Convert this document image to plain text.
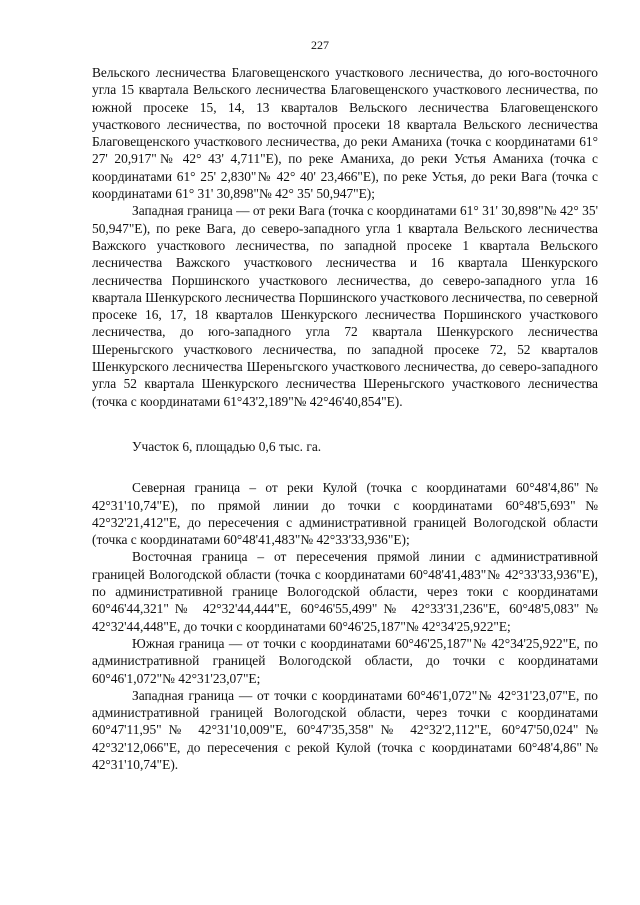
227

Вельского лесничества Благовещенского участкового лесничества, до юго-восточного угла 15 квартала Вельского лесничества Благовещенского участкового лесничества, по южной просеке 15, 14, 13 кварталов Вельского лесничества Благовещенского участкового лесничества, по восточной просеки 18 квартала Вельского лесничества Благовещенского участкового лесничества, до реки Аманиха (точка с координатами 61° 27' 20,917"№ 42° 43' 4,711"E), по реке Аманиха, до реки Устья Аманиха (точка с координатами 61° 25' 2,830"№ 42° 40' 23,466"E), по реке Устья, до реки Вага (точка с координатами 61° 31' 30,898"№ 42° 35' 50,947"E);

Западная граница — от реки Вага (точка с координатами 61° 31' 30,898"№ 42° 35' 50,947"E), по реке Вага, до северо-западного угла 1 квартала Вельского лесничества Важского участкового лесничества, по западной просеке 1 квартала Вельского лесничества Важского участкового лесничества и 16 квартала Шенкурского лесничества Поршинского участкового лесничества, до северо-западного угла 16 квартала Шенкурского лесничества Поршинского участкового лесничества, по северной просеке 16, 17, 18 кварталов Шенкурского лесничества Поршинского участкового лесничества, до юго-западного угла 72 квартала Шенкурского лесничества Шереньгского участкового лесничества, по западной просеке 72, 52 кварталов Шенкурского лесничества Шереньгского участкового лесничества, до северо-западного угла 52 квартала Шенкурского лесничества Шереньгского участкового лесничества (точка с координатами 61°43'2,189"№ 42°46'40,854"E).

Участок 6, площадью 0,6 тыс. га.

Северная граница – от реки Кулой (точка с координатами 60°48'4,86"№ 42°31'10,74"E), по прямой линии до точки с координатами 60°48'5,693"№ 42°32'21,412"E, до пересечения с административной границей Вологодской области (точка с координатами 60°48'41,483"№ 42°33'33,936"E);

Восточная граница – от пересечения прямой линии с административной границей Вологодской области (точка с координатами 60°48'41,483"№ 42°33'33,936"E), по административной границе Вологодской области, через токи с координатами 60°46'44,321"№ 42°32'44,444"E, 60°46'55,499"№ 42°33'31,236"E, 60°48'5,083"№ 42°32'44,448"E, до точки с координатами 60°46'25,187"№ 42°34'25,922"E;

Южная граница — от точки с координатами 60°46'25,187"№ 42°34'25,922"E, по административной границей Вологодской области, до точки с координатами 60°46'1,072"№ 42°31'23,07"E;

Западная граница — от точки с координатами 60°46'1,072"№ 42°31'23,07"E, по административной границей Вологодской области, через точки с координатами 60°47'11,95"№ 42°31'10,009"E, 60°47'35,358"№ 42°32'2,112"E, 60°47'50,024"№ 42°32'12,066"E, до пересечения с рекой Кулой (точка с координатами 60°48'4,86"№ 42°31'10,74"E).
